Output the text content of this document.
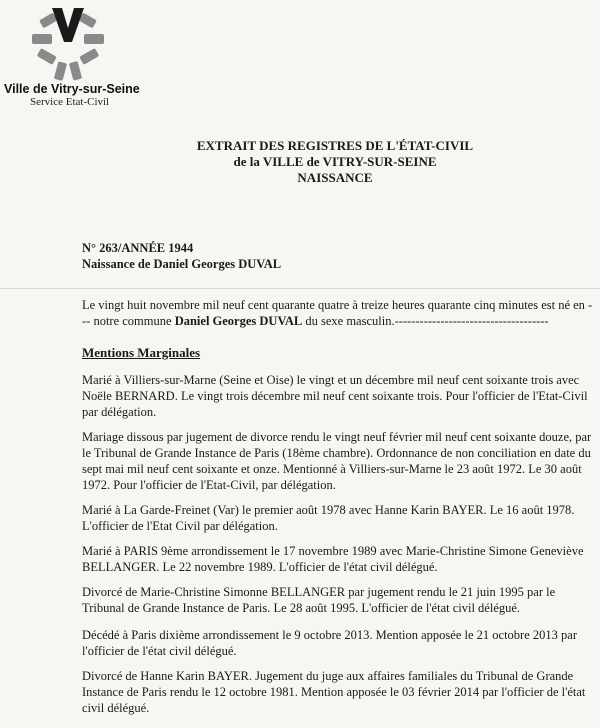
Ville de Vitry-sur-Seine
Service Etat-Civil
EXTRAIT DES REGISTRES DE L'ÉTAT-CIVIL
de la VILLE de VITRY-SUR-SEINE
NAISSANCE
N° 263/ANNÉE 1944
Naissance de Daniel Georges DUVAL
Le vingt huit novembre mil neuf cent quarante quatre à treize heures quarante cinq minutes est né en --- notre commune Daniel Georges DUVAL du sexe masculin.-------------------------------------
Mentions Marginales
Marié à Villiers-sur-Marne (Seine et Oise) le vingt et un décembre mil neuf cent soixante trois avec Noële BERNARD. Le vingt trois décembre mil neuf cent soixante trois. Pour l'officier de l'Etat-Civil par délégation.
Mariage dissous par jugement de divorce rendu le vingt neuf février mil neuf cent soixante douze, par le Tribunal de Grande Instance de Paris (18ème chambre). Ordonnance de non conciliation en date du sept mai mil neuf cent soixante et onze. Mentionné à Villiers-sur-Marne le 23 août 1972. Le 30 août 1972. Pour l'officier de l'Etat-Civil, par délégation.
Marié à La Garde-Freinet (Var) le premier août 1978 avec Hanne Karin BAYER. Le 16 août 1978. L'officier de l'Etat Civil par délégation.
Marié à PARIS 9ème arrondissement le 17 novembre 1989 avec Marie-Christine Simone Geneviève BELLANGER. Le 22 novembre 1989. L'officier de l'état civil délégué.
Divorcé de Marie-Christine Simonne BELLANGER par jugement rendu le 21 juin 1995 par le Tribunal de Grande Instance de Paris. Le 28 août 1995. L'officier de l'état civil délégué.
Décédé à Paris dixième arrondissement le 9 octobre 2013. Mention apposée le 21 octobre 2013 par l'officier de l'état civil délégué.
Divorcé de Hanne Karin BAYER. Jugement du juge aux affaires familiales du Tribunal de Grande Instance de Paris rendu le 12 octobre 1981. Mention apposée le 03 février 2014 par l'officier de l'état civil délégué.
